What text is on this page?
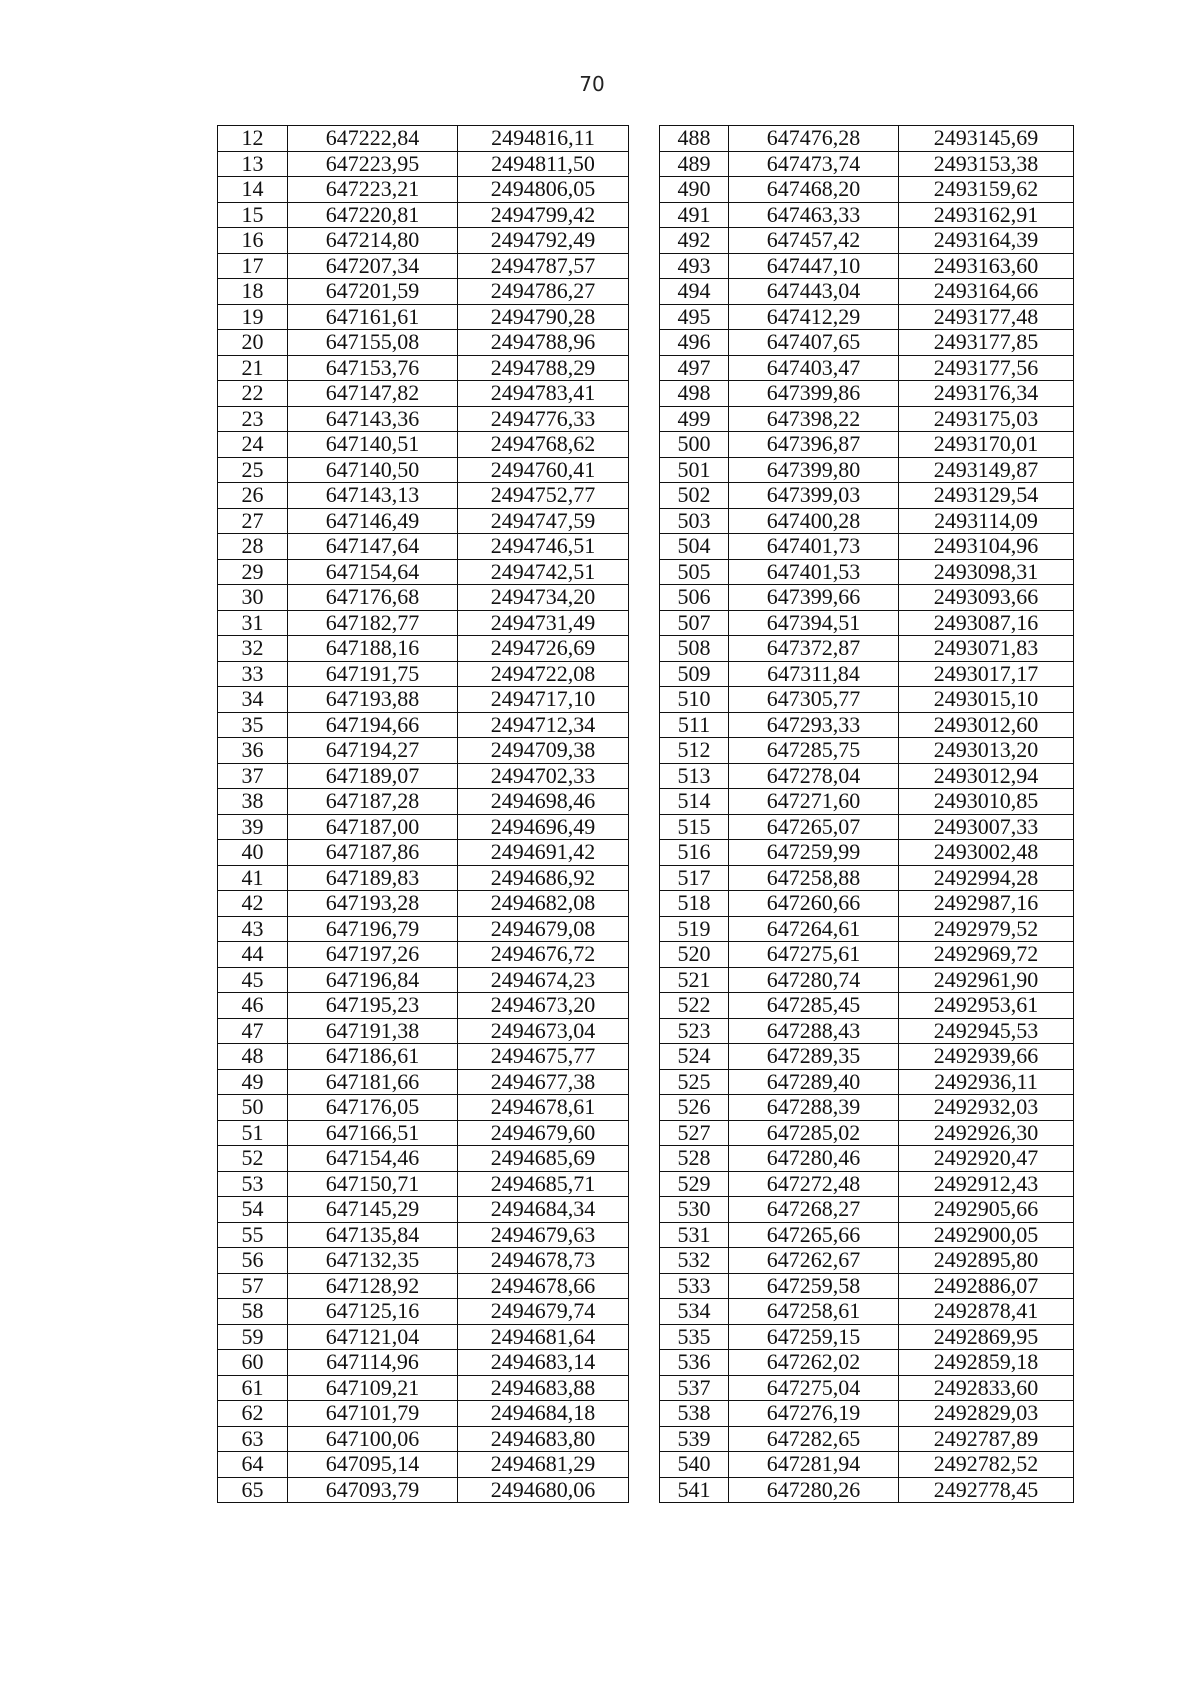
70
12	647222,84	2494816,11		488	647476,28	2493145,69
13	647223,95	2494811,50		489	647473,74	2493153,38
14	647223,21	2494806,05		490	647468,20	2493159,62
15	647220,81	2494799,42		491	647463,33	2493162,91
16	647214,80	2494792,49		492	647457,42	2493164,39
17	647207,34	2494787,57		493	647447,10	2493163,60
18	647201,59	2494786,27		494	647443,04	2493164,66
19	647161,61	2494790,28		495	647412,29	2493177,48
20	647155,08	2494788,96		496	647407,65	2493177,85
21	647153,76	2494788,29		497	647403,47	2493177,56
22	647147,82	2494783,41		498	647399,86	2493176,34
23	647143,36	2494776,33		499	647398,22	2493175,03
24	647140,51	2494768,62		500	647396,87	2493170,01
25	647140,50	2494760,41		501	647399,80	2493149,87
26	647143,13	2494752,77		502	647399,03	2493129,54
27	647146,49	2494747,59		503	647400,28	2493114,09
28	647147,64	2494746,51		504	647401,73	2493104,96
29	647154,64	2494742,51		505	647401,53	2493098,31
30	647176,68	2494734,20		506	647399,66	2493093,66
31	647182,77	2494731,49		507	647394,51	2493087,16
32	647188,16	2494726,69		508	647372,87	2493071,83
33	647191,75	2494722,08		509	647311,84	2493017,17
34	647193,88	2494717,10		510	647305,77	2493015,10
35	647194,66	2494712,34		511	647293,33	2493012,60
36	647194,27	2494709,38		512	647285,75	2493013,20
37	647189,07	2494702,33		513	647278,04	2493012,94
38	647187,28	2494698,46		514	647271,60	2493010,85
39	647187,00	2494696,49		515	647265,07	2493007,33
40	647187,86	2494691,42		516	647259,99	2493002,48
41	647189,83	2494686,92		517	647258,88	2492994,28
42	647193,28	2494682,08		518	647260,66	2492987,16
43	647196,79	2494679,08		519	647264,61	2492979,52
44	647197,26	2494676,72		520	647275,61	2492969,72
45	647196,84	2494674,23		521	647280,74	2492961,90
46	647195,23	2494673,20		522	647285,45	2492953,61
47	647191,38	2494673,04		523	647288,43	2492945,53
48	647186,61	2494675,77		524	647289,35	2492939,66
49	647181,66	2494677,38		525	647289,40	2492936,11
50	647176,05	2494678,61		526	647288,39	2492932,03
51	647166,51	2494679,60		527	647285,02	2492926,30
52	647154,46	2494685,69		528	647280,46	2492920,47
53	647150,71	2494685,71		529	647272,48	2492912,43
54	647145,29	2494684,34		530	647268,27	2492905,66
55	647135,84	2494679,63		531	647265,66	2492900,05
56	647132,35	2494678,73		532	647262,67	2492895,80
57	647128,92	2494678,66		533	647259,58	2492886,07
58	647125,16	2494679,74		534	647258,61	2492878,41
59	647121,04	2494681,64		535	647259,15	2492869,95
60	647114,96	2494683,14		536	647262,02	2492859,18
61	647109,21	2494683,88		537	647275,04	2492833,60
62	647101,79	2494684,18		538	647276,19	2492829,03
63	647100,06	2494683,80		539	647282,65	2492787,89
64	647095,14	2494681,29		540	647281,94	2492782,52
65	647093,79	2494680,06		541	647280,26	2492778,45
